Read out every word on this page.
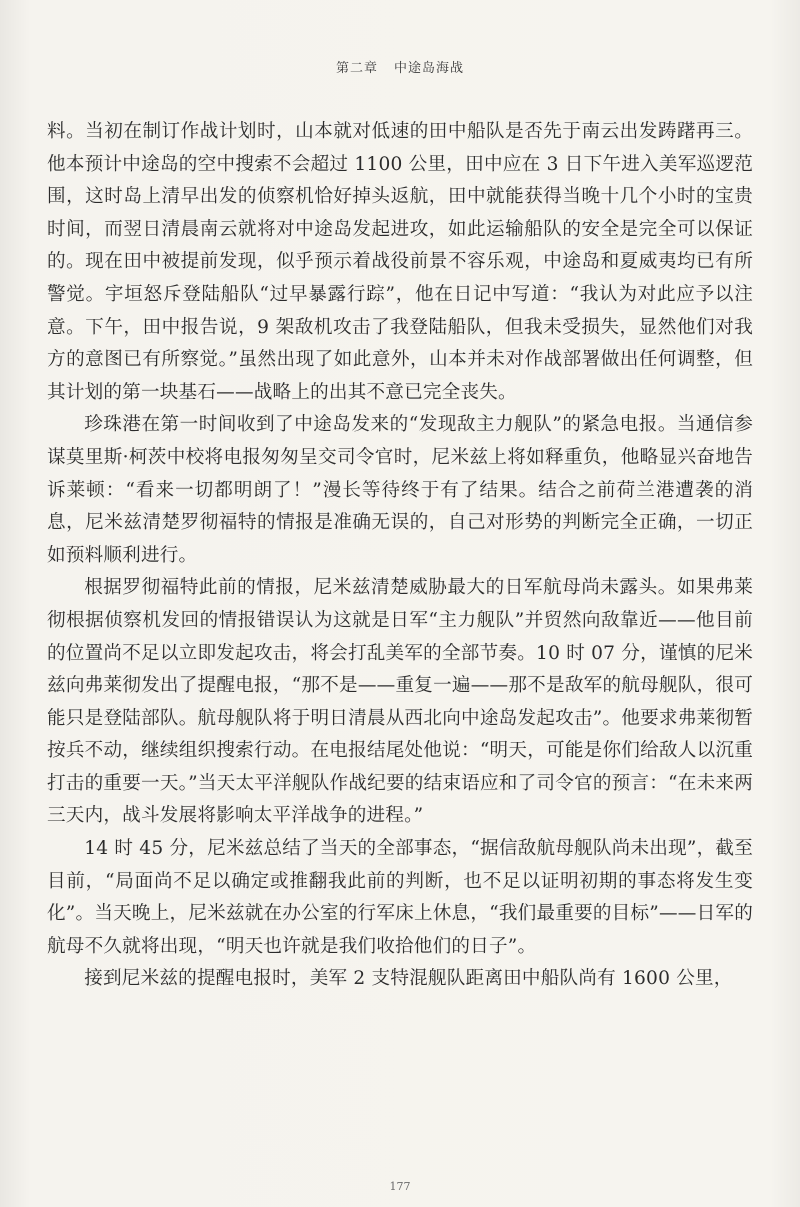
第二章 中途岛海战

料。当初在制订作战计划时，山本就对低速的田中船队是否先于南云出发踌躇再三。他本预计中途岛的空中搜索不会超过 1100 公里，田中应在 3 日下午进入美军巡逻范围，这时岛上清早出发的侦察机恰好掉头返航，田中就能获得当晚十几个小时的宝贵时间，而翌日清晨南云就将对中途岛发起进攻，如此运输船队的安全是完全可以保证的。现在田中被提前发现，似乎预示着战役前景不容乐观，中途岛和夏威夷均已有所警觉。宇垣怒斥登陆船队“过早暴露行踪”，他在日记中写道：“我认为对此应予以注意。下午，田中报告说，9 架敌机攻击了我登陆船队，但我未受损失，显然他们对我方的意图已有所察觉。”虽然出现了如此意外，山本并未对作战部署做出任何调整，但其计划的第一块基石——战略上的出其不意已完全丧失。

珍珠港在第一时间收到了中途岛发来的“发现敌主力舰队”的紧急电报。当通信参谋莫里斯·柯茨中校将电报匆匆呈交司令官时，尼米兹上将如释重负，他略显兴奋地告诉莱顿：“看来一切都明朗了！”漫长等待终于有了结果。结合之前荷兰港遭袭的消息，尼米兹清楚罗彻福特的情报是准确无误的，自己对形势的判断完全正确，一切正如预料顺利进行。

根据罗彻福特此前的情报，尼米兹清楚威胁最大的日军航母尚未露头。如果弗莱彻根据侦察机发回的情报错误认为这就是日军“主力舰队”并贸然向敌靠近——他目前的位置尚不足以立即发起攻击，将会打乱美军的全部节奏。10 时 07 分，谨慎的尼米兹向弗莱彻发出了提醒电报，“那不是——重复一遍——那不是敌军的航母舰队，很可能只是登陆部队。航母舰队将于明日清晨从西北向中途岛发起攻击”。他要求弗莱彻暂按兵不动，继续组织搜索行动。在电报结尾处他说：“明天，可能是你们给敌人以沉重打击的重要一天。”当天太平洋舰队作战纪要的结束语应和了司令官的预言：“在未来两三天内，战斗发展将影响太平洋战争的进程。”

14 时 45 分，尼米兹总结了当天的全部事态，“据信敌航母舰队尚未出现”，截至目前，“局面尚不足以确定或推翻我此前的判断，也不足以证明初期的事态将发生变化”。当天晚上，尼米兹就在办公室的行军床上休息，“我们最重要的目标”——日军的航母不久就将出现，“明天也许就是我们收拾他们的日子”。

接到尼米兹的提醒电报时，美军 2 支特混舰队距离田中船队尚有 1600 公里，

177
